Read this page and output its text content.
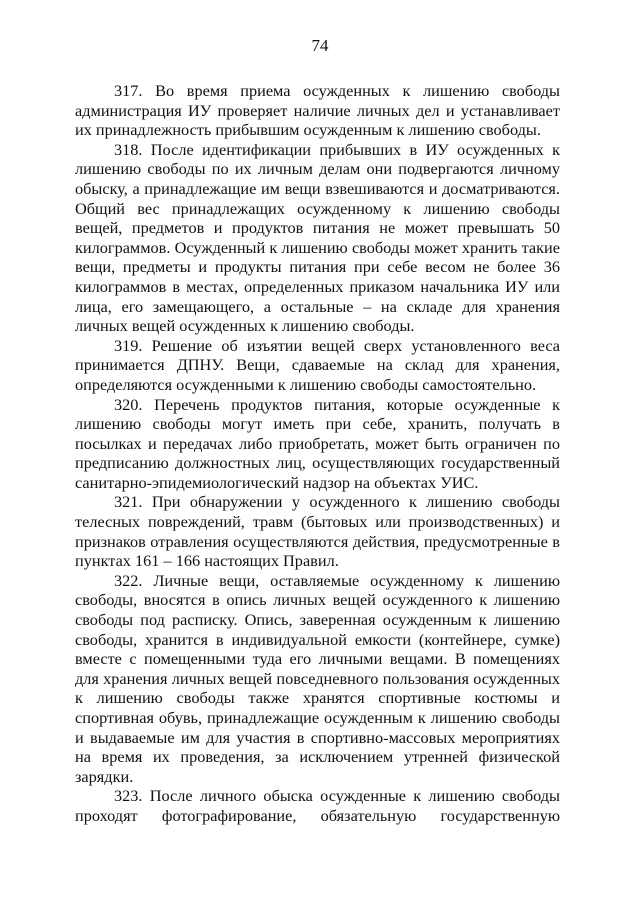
74

317. Во время приема осужденных к лишению свободы администрация ИУ проверяет наличие личных дел и устанавливает их принадлежность прибывшим осужденным к лишению свободы.

318. После идентификации прибывших в ИУ осужденных к лишению свободы по их личным делам они подвергаются личному обыску, а принадлежащие им вещи взвешиваются и досматриваются. Общий вес принадлежащих осужденному к лишению свободы вещей, предметов и продуктов питания не может превышать 50 килограммов. Осужденный к лишению свободы может хранить такие вещи, предметы и продукты питания при себе весом не более 36 килограммов в местах, определенных приказом начальника ИУ или лица, его замещающего, а остальные – на складе для хранения личных вещей осужденных к лишению свободы.

319. Решение об изъятии вещей сверх установленного веса принимается ДПНУ. Вещи, сдаваемые на склад для хранения, определяются осужденными к лишению свободы самостоятельно.

320. Перечень продуктов питания, которые осужденные к лишению свободы могут иметь при себе, хранить, получать в посылках и передачах либо приобретать, может быть ограничен по предписанию должностных лиц, осуществляющих государственный санитарно-эпидемиологический надзор на объектах УИС.

321. При обнаружении у осужденного к лишению свободы телесных повреждений, травм (бытовых или производственных) и признаков отравления осуществляются действия, предусмотренные в пунктах 161 – 166 настоящих Правил.

322. Личные вещи, оставляемые осужденному к лишению свободы, вносятся в опись личных вещей осужденного к лишению свободы под расписку. Опись, заверенная осужденным к лишению свободы, хранится в индивидуальной емкости (контейнере, сумке) вместе с помещенными туда его личными вещами. В помещениях для хранения личных вещей повседневного пользования осужденных к лишению свободы также хранятся спортивные костюмы и спортивная обувь, принадлежащие осужденным к лишению свободы и выдаваемые им для участия в спортивно-массовых мероприятиях на время их проведения, за исключением утренней физической зарядки.

323. После личного обыска осужденные к лишению свободы проходят фотографирование, обязательную государственную
